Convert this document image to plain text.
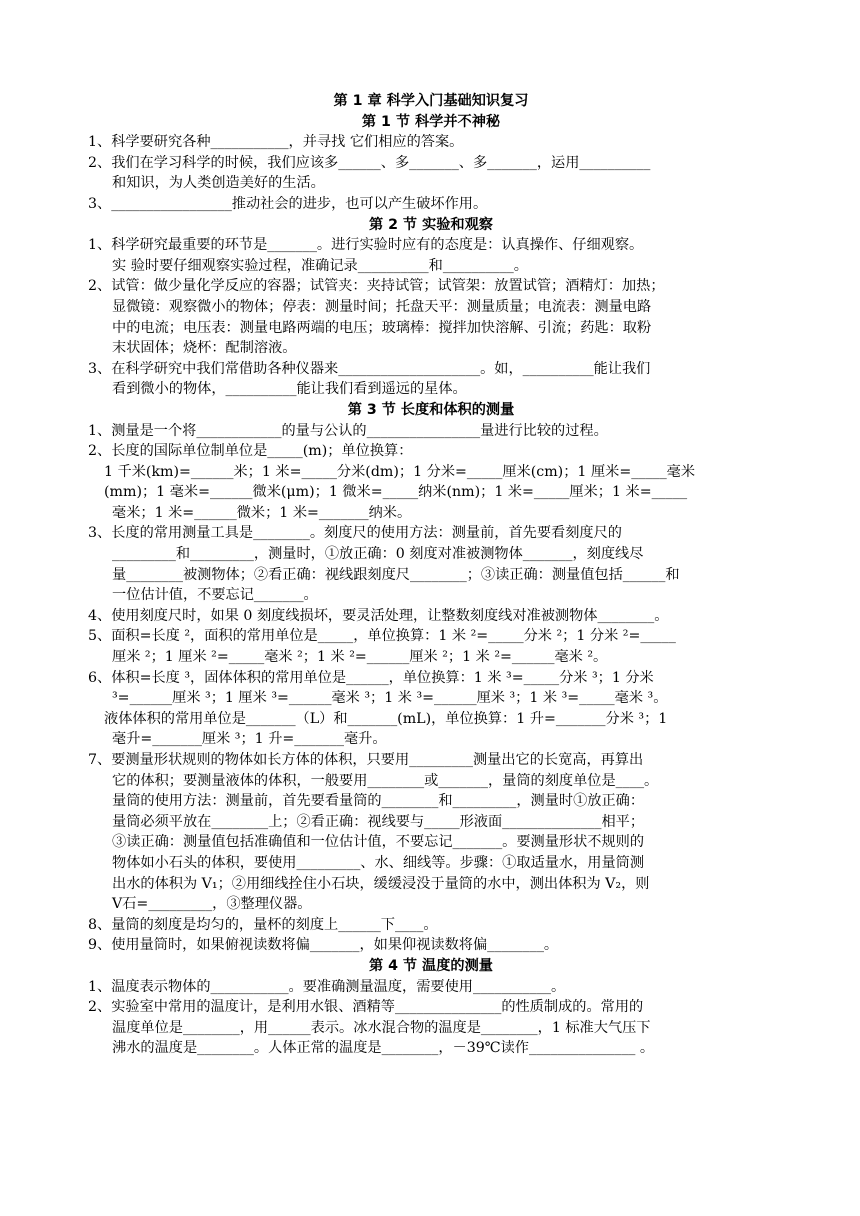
第 1 章 科学入门基础知识复习
第 1 节 科学并不神秘
1、科学要研究各种___________，并寻找 它们相应的答案。
2、我们在学习科学的时候，我们应该多______、多_______、多_______，运用__________
和知识，为人类创造美好的生活。
3、_________________推动社会的进步，也可以产生破坏作用。
第 2 节 实验和观察
1、科学研究最重要的环节是_______。进行实验时应有的态度是：认真操作、仔细观察。
实 验时要仔细观察实验过程，准确记录__________和__________。
2、试管：做少量化学反应的容器；试管夹：夹持试管；试管架：放置试管；酒精灯：加热；
显微镜：观察微小的物体；停表：测量时间；托盘天平：测量质量；电流表：测量电路
中的电流；电压表：测量电路两端的电压；玻璃棒：搅拌加快溶解、引流；药匙：取粉
末状固体；烧杯：配制溶液。
3、在科学研究中我们常借助各种仪器来____________________。如，__________能让我们
看到微小的物体，__________能让我们看到遥远的星体。
第 3 节 长度和体积的测量
1、测量是一个将____________的量与公认的________________量进行比较的过程。
2、长度的国际单位制单位是_____(m)；单位换算：
1 千米(km)=______米；1 米=_____分米(dm)；1 分米=_____厘米(cm)；1 厘米=_____毫米
(mm)；1 毫米=______微米(μm)；1 微米=_____纳米(nm)；1 米=_____厘米；1 米=_____
毫米；1 米=______微米；1 米=_______纳米。
3、长度的常用测量工具是________。刻度尺的使用方法：测量前，首先要看刻度尺的
_________和_________，测量时，①放正确：0 刻度对准被测物体_______，刻度线尽
量________被测物体；②看正确：视线跟刻度尺________；③读正确：测量值包括______和
一位估计值，不要忘记_______。
4、使用刻度尺时，如果 0 刻度线损坏，要灵活处理，让整数刻度线对准被测物体________。
5、面积=长度 ²，面积的常用单位是_____，单位换算：1 米 ²=_____分米 ²；1 分米 ²=_____
厘米 ²；1 厘米 ²=_____毫米 ²；1 米 ²=______厘米 ²；1 米 ²=______毫米 ²。
6、体积=长度 ³，固体体积的常用单位是______，单位换算：1 米 ³=_____分米 ³；1 分米
³=______厘米 ³；1 厘米 ³=______毫米 ³；1 米 ³=______厘米 ³；1 米 ³=_____毫米 ³。
液体体积的常用单位是_______（L）和_______(mL)，单位换算：1 升=_______分米 ³；1
毫升=_______厘米 ³；1 升=_______毫升。
7、要测量形状规则的物体如长方体的体积，只要用_________测量出它的长宽高，再算出
它的体积；要测量液体的体积，一般要用________或_______，量筒的刻度单位是____。
量筒的使用方法：测量前，首先要看量筒的________和_________，测量时①放正确：
量筒必须平放在________上；②看正确：视线要与_____形液面______________相平；
③读正确：测量值包括准确值和一位估计值，不要忘记_______。要测量形状不规则的
物体如小石头的体积，要使用_________、水、细线等。步骤：①取适量水，用量筒测
出水的体积为 V₁；②用细线拴住小石块，缓缓浸没于量筒的水中，测出体积为 V₂，则
V石=_________，③整理仪器。
8、量筒的刻度是均匀的，量杯的刻度上______下____。
9、使用量筒时，如果俯视读数将偏_______，如果仰视读数将偏________。
第 4 节 温度的测量
1、温度表示物体的___________。要准确测量温度，需要使用___________。
2、实验室中常用的温度计，是利用水银、酒精等_______________的性质制成的。常用的
温度单位是________，用______表示。冰水混合物的温度是________，1 标准大气压下
沸水的温度是________。人体正常的温度是________，－39℃读作_______________ 。
